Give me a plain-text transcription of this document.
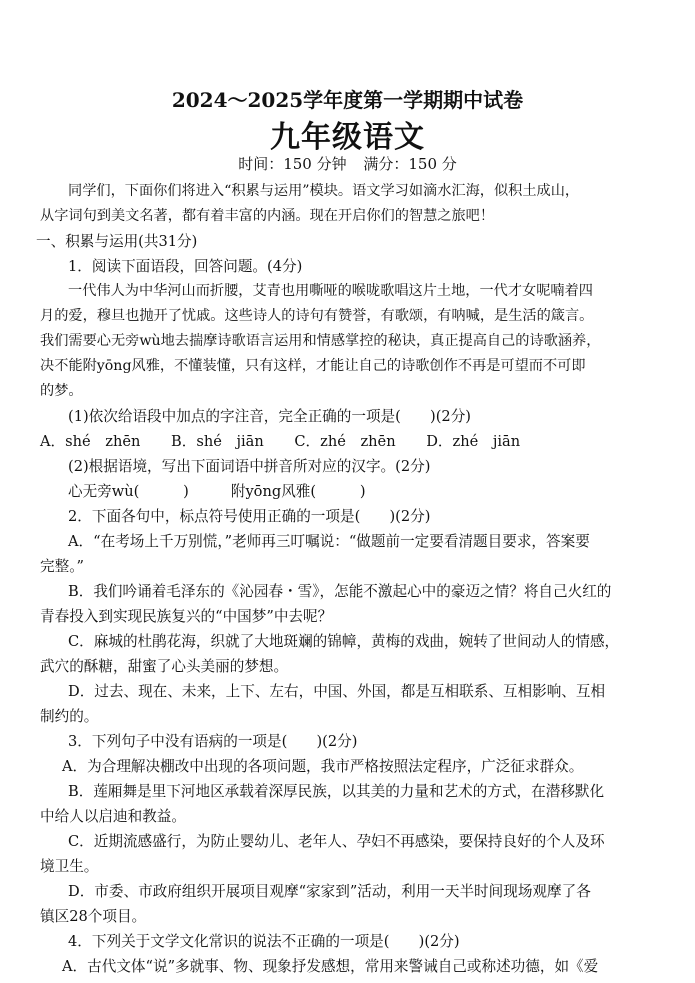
2024～2025学年度第一学期期中试卷
九年级语文
时间：150 分钟 满分：150 分
同学们，下面你们将进入“积累与运用”模块。语文学习如滴水汇海，似积土成山，
从字词句到美文名著，都有着丰富的内涵。现在开启你们的智慧之旅吧！
一、积累与运用(共31分)
1．阅读下面语段，回答问题。(4分)
一代伟人为中华河山而折腰，艾青也用嘶哑的喉咙歌唱这片土地，一代才女呢喃着四
月的爱，穆旦也抛开了忧戚。这些诗人的诗句有赞誉，有歌颂，有呐喊，是生活的箴言。
我们需要心无旁wù地去揣摩诗歌语言运用和情感掌控的秘诀，真正提高自己的诗歌涵养，
决不能附yōng风雅，不懂装懂，只有这样，才能让自己的诗歌创作不再是可望而不可即
的梦。
(1)依次给语段中加点的字注音，完全正确的一项是(　　)(2分)
A．shé　zhēn B．shé　jiān C．zhé　zhēn D．zhé　jiān
(2)根据语境，写出下面词语中拼音所对应的汉字。(2分)
心无旁wù(　　　)	附yōng风雅(　　　)
2．下面各句中，标点符号使用正确的一项是(　　)(2分)
A．“在考场上千万别慌，”老师再三叮嘱说：“做题前一定要看清题目要求，答案要
完整。”
B．我们吟诵着毛泽东的《沁园春・雪》，怎能不激起心中的豪迈之情？将自己火红的
青春投入到实现民族复兴的“中国梦”中去呢？
C．麻城的杜鹃花海，织就了大地斑斓的锦幛，黄梅的戏曲，婉转了世间动人的情感，
武穴的酥糖，甜蜜了心头美丽的梦想。
D．过去、现在、未来，上下、左右，中国、外国，都是互相联系、互相影响、互相
制约的。
3．下列句子中没有语病的一项是(　　)(2分)
A．为合理解决棚改中出现的各项问题，我市严格按照法定程序，广泛征求群众。
B．莲厢舞是里下河地区承载着深厚民族，以其美的力量和艺术的方式，在潜移默化
中给人以启迪和教益。
C．近期流感盛行，为防止婴幼儿、老年人、孕妇不再感染，要保持良好的个人及环
境卫生。
D．市委、市政府组织开展项目观摩“家家到”活动，利用一天半时间现场观摩了各
镇区28个项目。
4．下列关于文学文化常识的说法不正确的一项是(　　)(2分)
A．古代文体“说”多就事、物、现象抒发感想，常用来警诫自己或称述功德，如《爱
